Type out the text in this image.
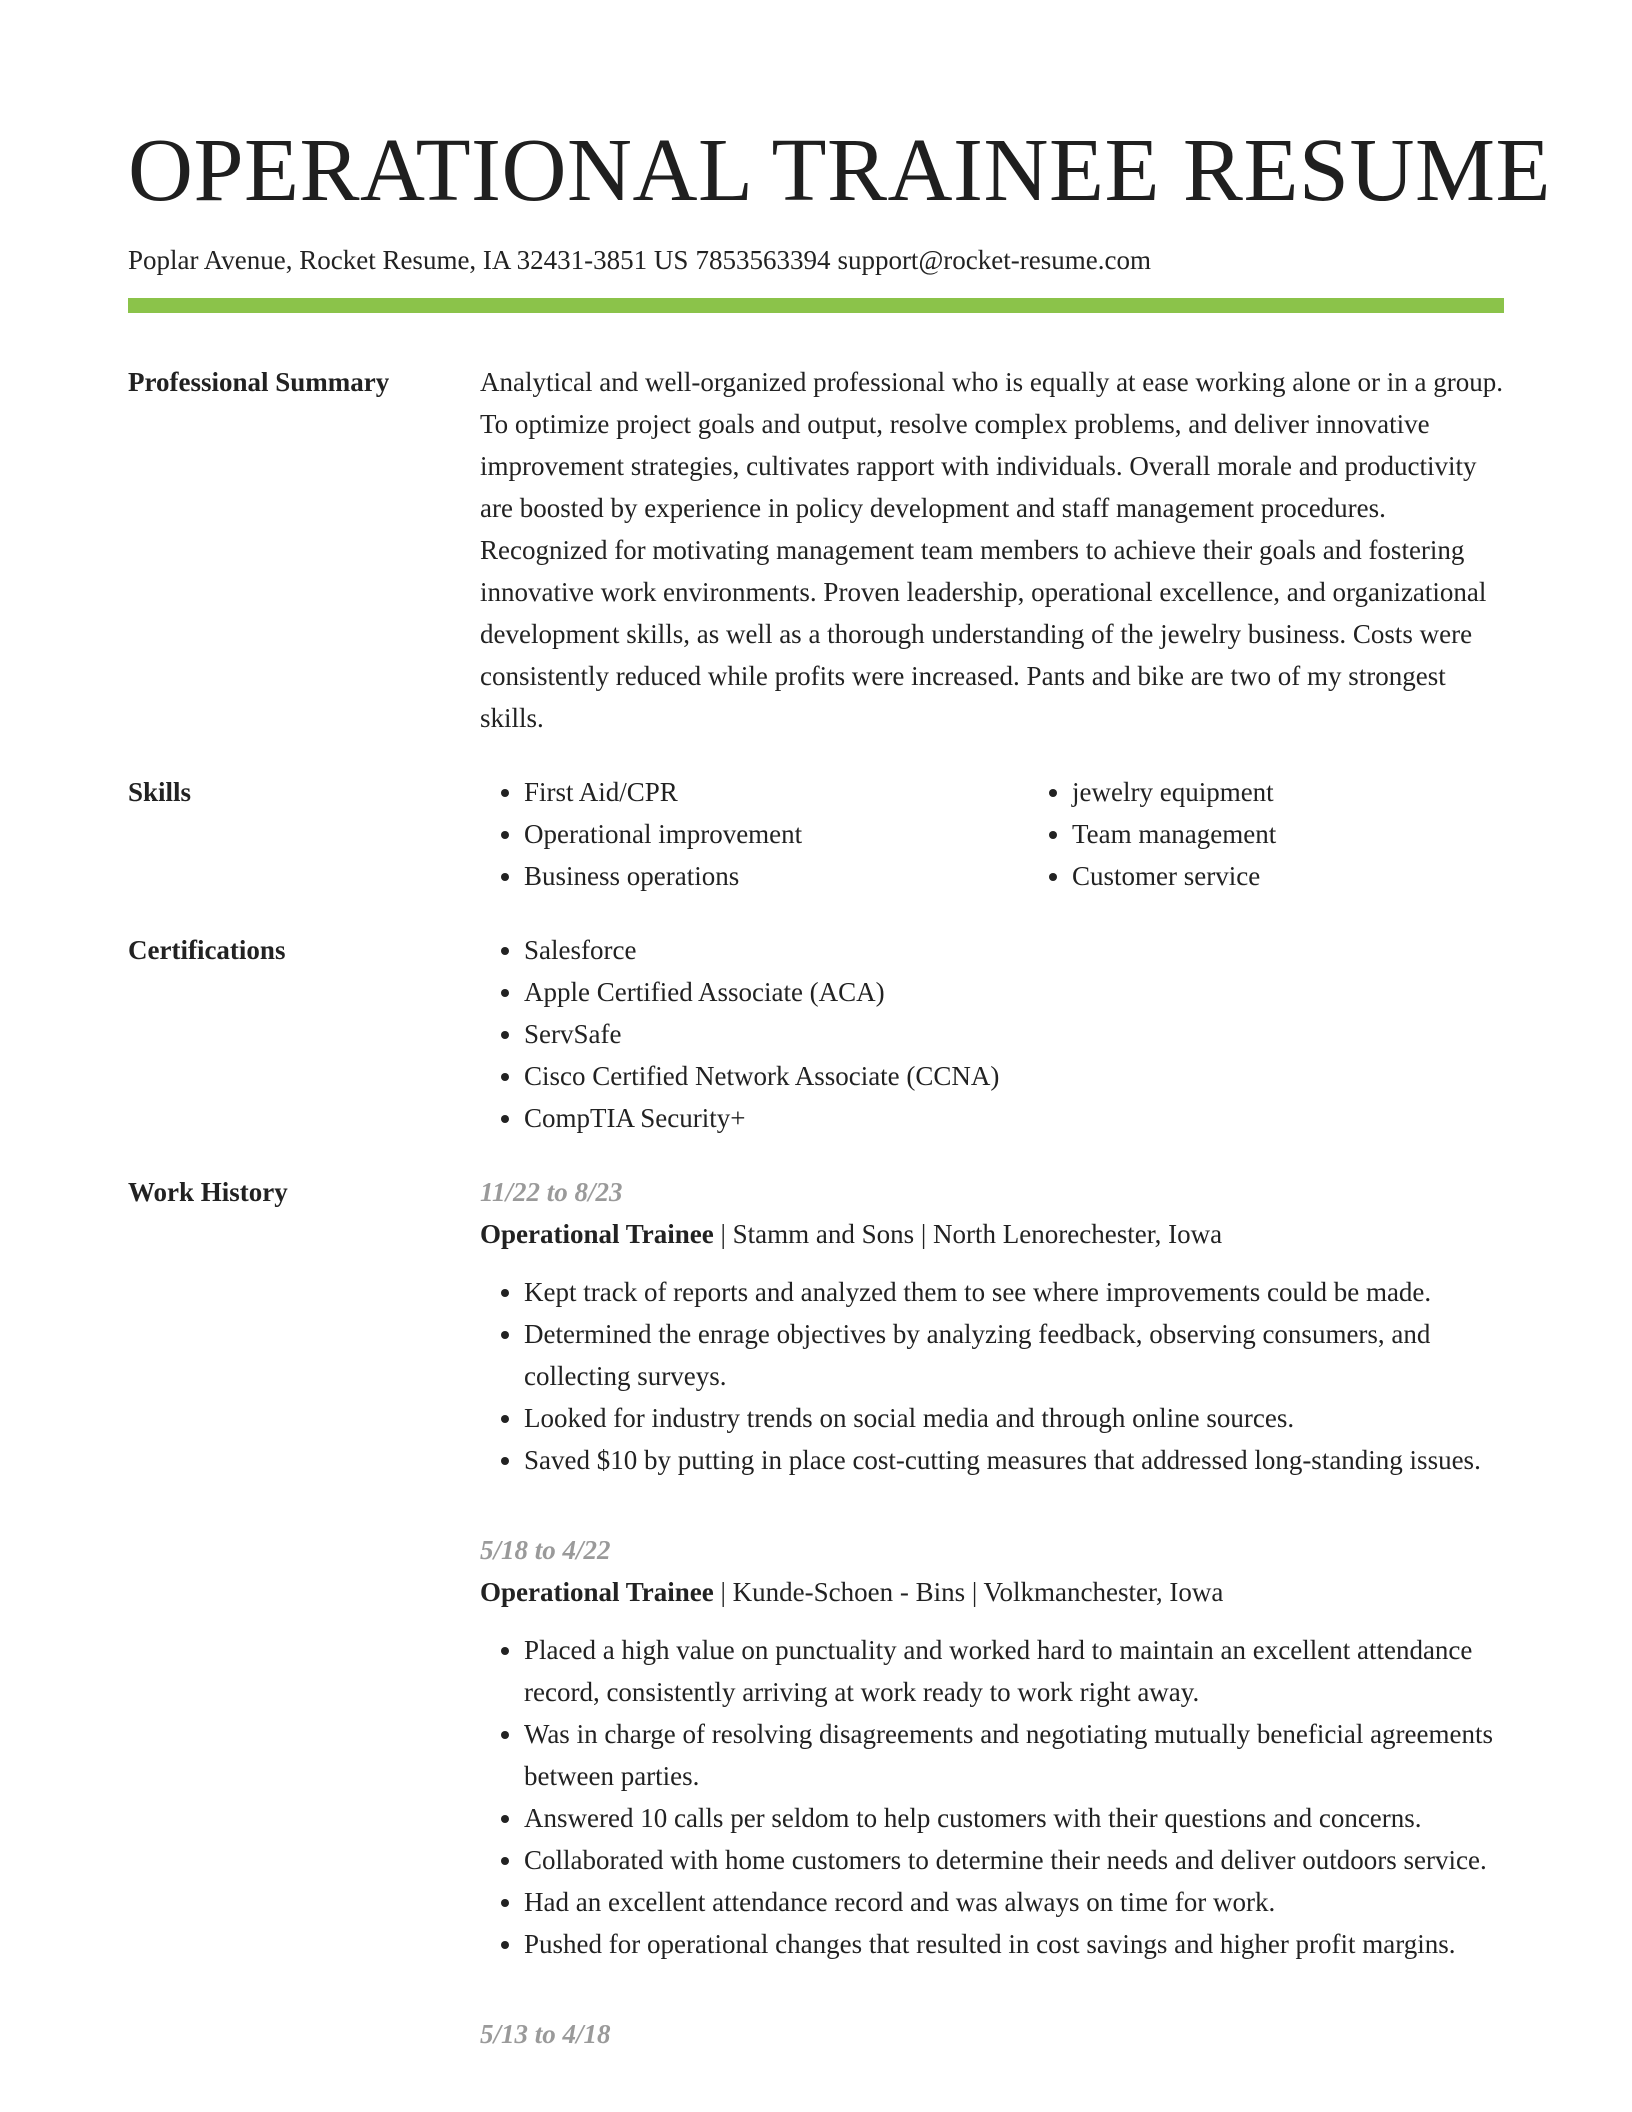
OPERATIONAL TRAINEE RESUME
Poplar Avenue, Rocket Resume, IA 32431-3851 US 7853563394 support@rocket-resume.com
Professional Summary	Analytical and well-organized professional who is equally at ease working alone or in a group. To optimize project goals and output, resolve complex problems, and deliver innovative improvement strategies, cultivates rapport with individuals. Overall morale and productivity are boosted by experience in policy development and staff management procedures. Recognized for motivating management team members to achieve their goals and fostering innovative work environments. Proven leadership, operational excellence, and organizational development skills, as well as a thorough understanding of the jewelry business. Costs were consistently reduced while profits were increased. Pants and bike are two of my strongest skills.

Skills	• First Aid/CPR
• Operational improvement
• Business operations
• jewelry equipment
• Team management
• Customer service
Certifications	• Salesforce
• Apple Certified Associate (ACA)
• ServSafe
• Cisco Certified Network Associate (CCNA)
• CompTIA Security+
Work History	11/22 to 8/23
Operational Trainee | Stamm and Sons | North Lenorechester, Iowa
• Kept track of reports and analyzed them to see where improvements could be made.
• Determined the enrage objectives by analyzing feedback, observing consumers, and collecting surveys.
• Looked for industry trends on social media and through online sources.
• Saved $10 by putting in place cost-cutting measures that addressed long-standing issues.
5/18 to 4/22
Operational Trainee | Kunde-Schoen - Bins | Volkmanchester, Iowa
• Placed a high value on punctuality and worked hard to maintain an excellent attendance record, consistently arriving at work ready to work right away.
• Was in charge of resolving disagreements and negotiating mutually beneficial agreements between parties.
• Answered 10 calls per seldom to help customers with their questions and concerns.
• Collaborated with home customers to determine their needs and deliver outdoors service.
• Had an excellent attendance record and was always on time for work.
• Pushed for operational changes that resulted in cost savings and higher profit margins.
5/13 to 4/18
